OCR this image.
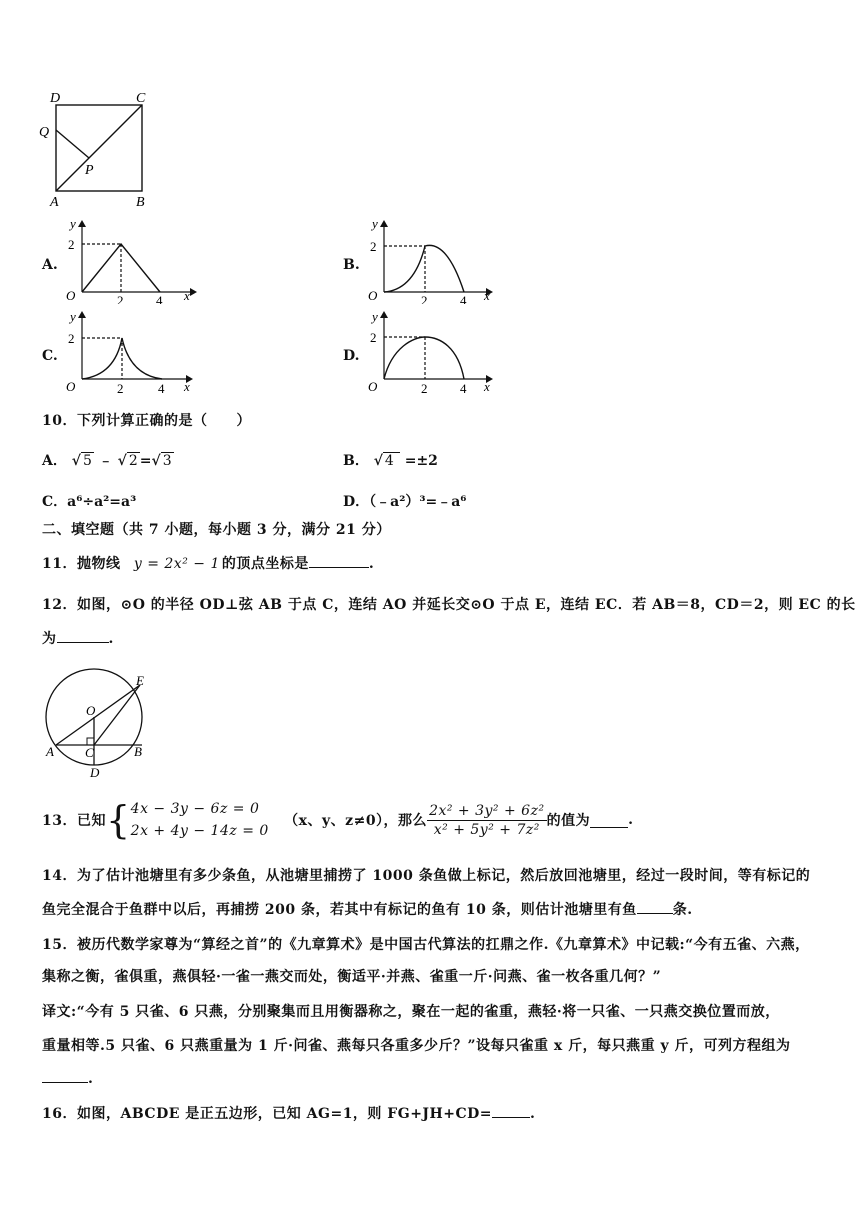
D	C
Q
P
A	B
A.
y
2
O	2	4 x
B.
y
2
O	2	4 x
C.
y
2
O	2	4 x
D.
y
2
O	2	4 x
10．下列计算正确的是（　　）
A． √ 5 ﹣ √ 2 =√ 3	B． √ 4 =±2
C．a⁶÷a²=a³	D．（﹣a²）³=﹣a⁶
二、填空题（共 7 小题，每小题 3 分，满分 21 分）
11．抛物线 y = 2x² − 1 的顶点坐标是	.
12．如图，⊙O 的半径 OD⊥弦 AB 于点 C，连结 AO 并延长交⊙O 于点 E，连结 EC．若 AB＝8，CD＝2，则 EC 的长
为	.
E
O
A C	B
D
13．已知{4x − 3y − 6z = 0
2x + 4y − 14z = 0 （x、y、z≠0），那么 $\frac{\text{2x² + 3y² + 6z²}}{\text{x² + 5y² + 7z²}}$ 的值为	.
14．为了估计池塘里有多少条鱼，从池塘里捕捞了 1000 条鱼做上标记，然后放回池塘里，经过一段时间，等有标记的
鱼完全混合于鱼群中以后，再捕捞 200 条，若其中有标记的鱼有 10 条，则估计池塘里有鱼	条.
15．被历代数学家尊为“算经之首”的《九章算术》是中国古代算法的扛鼎之作.《九章算术》中记载:“今有五雀、六燕，
集称之衡，雀俱重，燕俱轻·一雀一燕交而处，衡适平·并燕、雀重一斤·问燕、雀一枚各重几何？”
译文:“今有 5 只雀、6 只燕，分别聚集而且用衡器称之，聚在一起的雀重，燕轻·将一只雀、一只燕交换位置而放，
重量相等.5 只雀、6 只燕重量为 1 斤·问雀、燕每只各重多少斤？”设每只雀重 x 斤，每只燕重 y 斤，可列方程组为
.
16．如图，ABCDE 是正五边形，已知 AG=1，则 FG+JH+CD=	.
